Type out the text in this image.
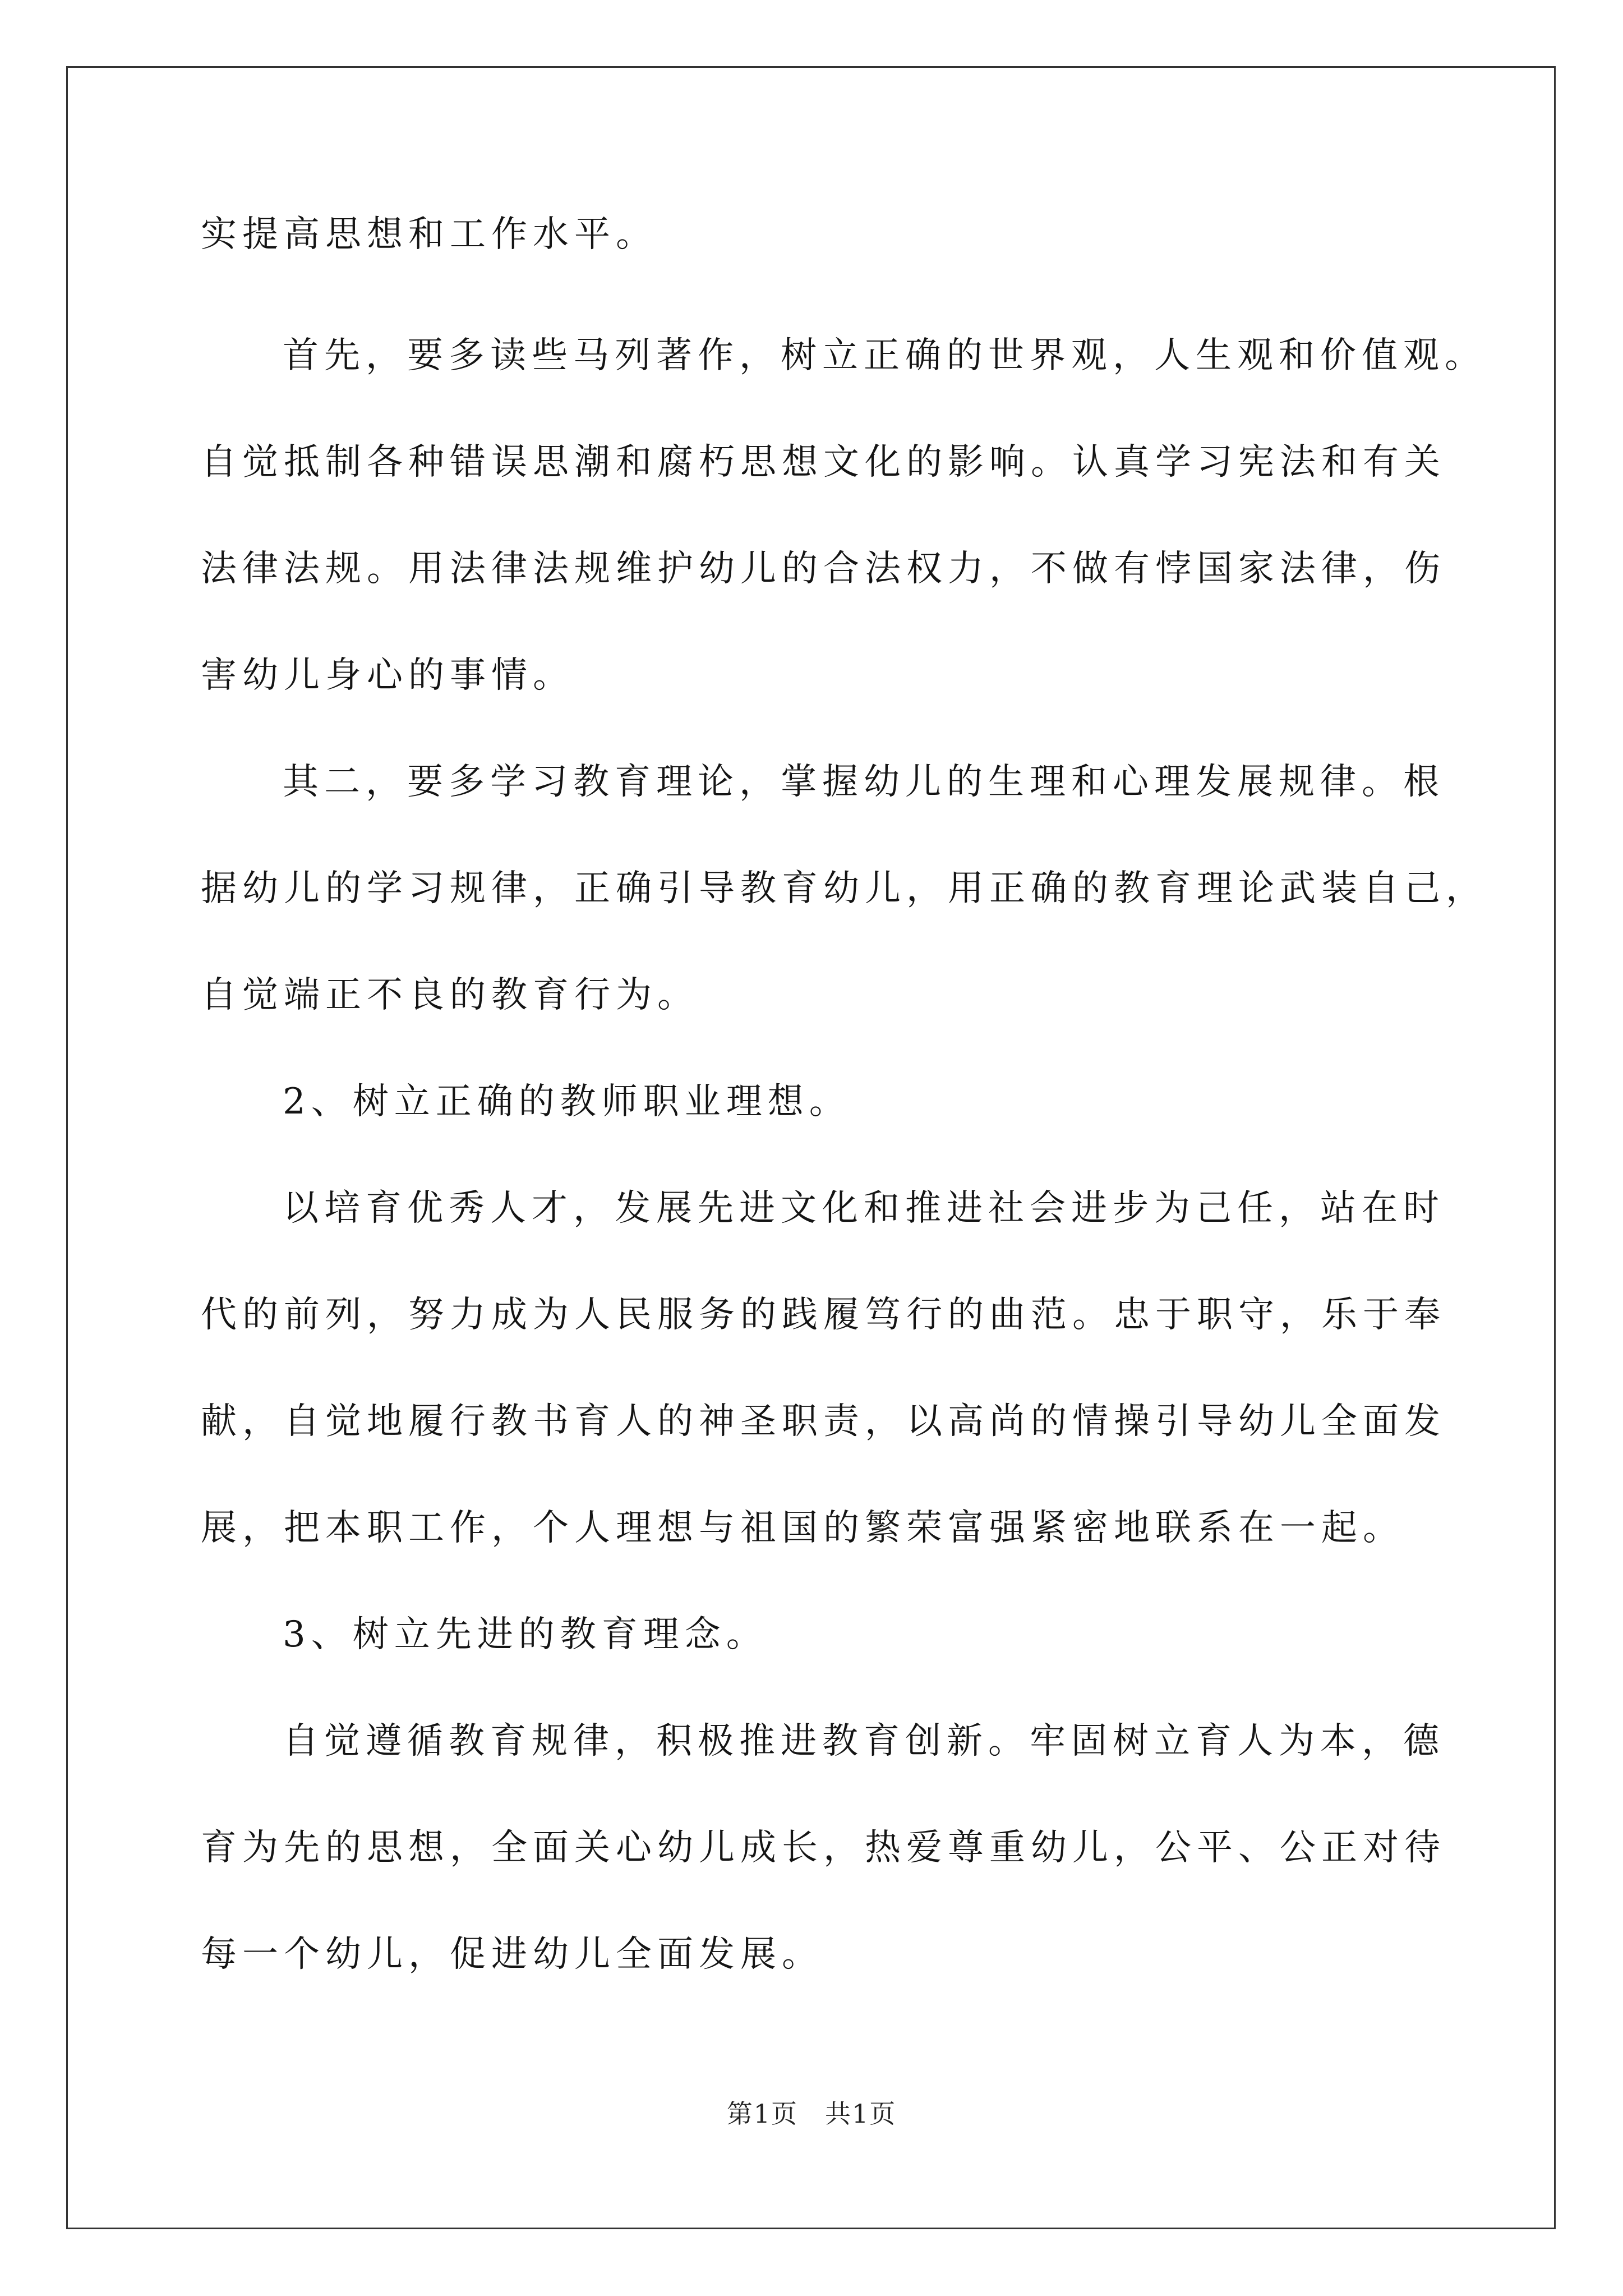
实提高思想和工作水平。
首先，要多读些马列著作，树立正确的世界观，人生观和价值观。
自觉抵制各种错误思潮和腐朽思想文化的影响。认真学习宪法和有关
法律法规。用法律法规维护幼儿的合法权力，不做有悖国家法律，伤
害幼儿身心的事情。
其二，要多学习教育理论，掌握幼儿的生理和心理发展规律。根
据幼儿的学习规律，正确引导教育幼儿，用正确的教育理论武装自己，
自觉端正不良的教育行为。
2、树立正确的教师职业理想。
以培育优秀人才，发展先进文化和推进社会进步为己任，站在时
代的前列，努力成为人民服务的践履笃行的曲范。忠于职守，乐于奉
献，自觉地履行教书育人的神圣职责，以高尚的情操引导幼儿全面发
展，把本职工作，个人理想与祖国的繁荣富强紧密地联系在一起。
3、树立先进的教育理念。
自觉遵循教育规律，积极推进教育创新。牢固树立育人为本，德
育为先的思想，全面关心幼儿成长，热爱尊重幼儿，公平、公正对待
每一个幼儿，促进幼儿全面发展。
第1页　共1页
